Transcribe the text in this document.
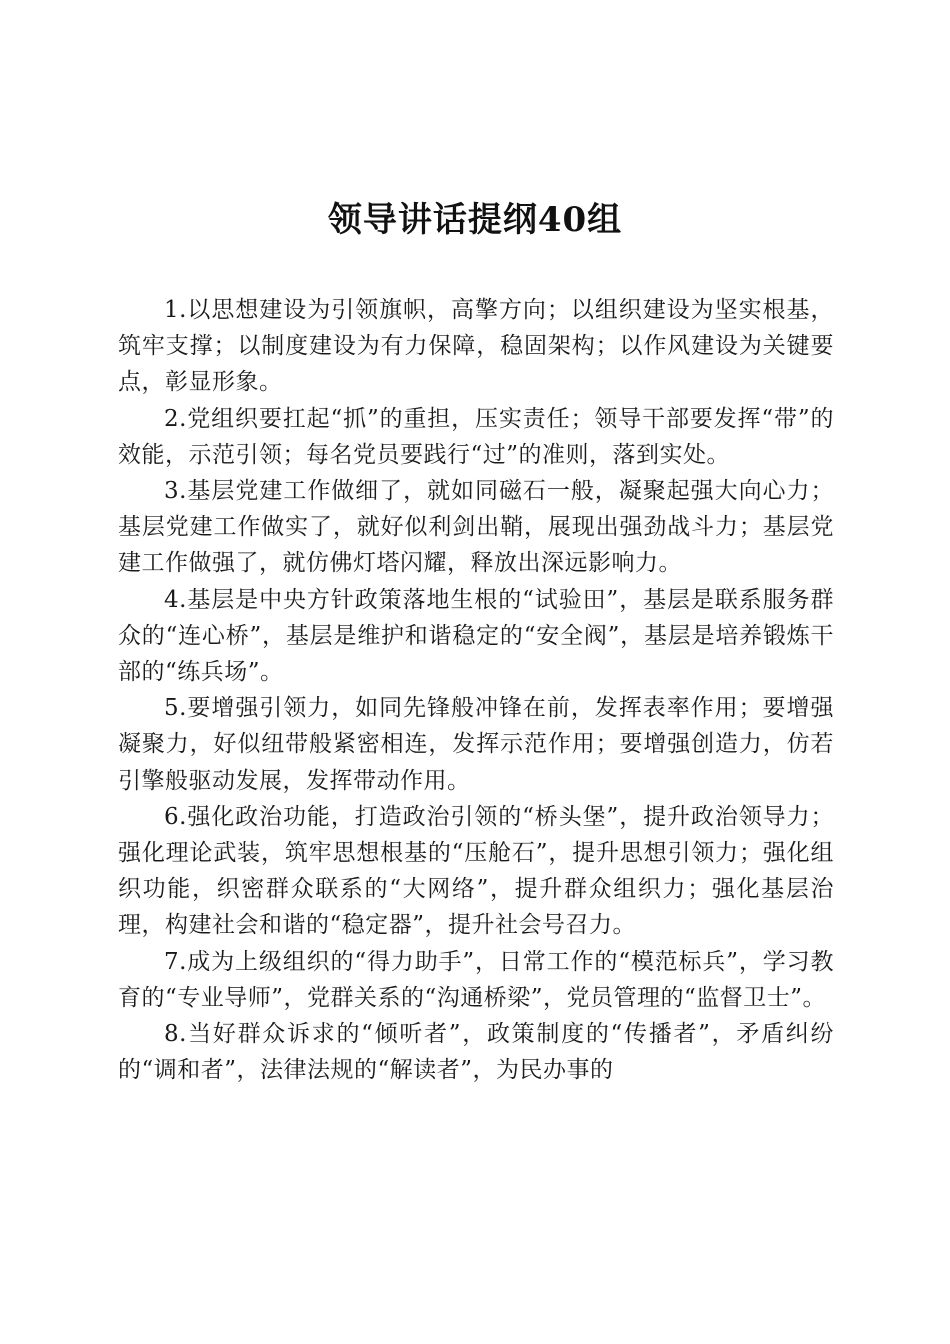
领导讲话提纲40组

1.以思想建设为引领旗帜，高擎方向；以组织建设为坚实根基，筑牢支撑；以制度建设为有力保障，稳固架构；以作风建设为关键要点，彰显形象。

2.党组织要扛起“抓”的重担，压实责任；领导干部要发挥“带”的效能，示范引领；每名党员要践行“过”的准则，落到实处。

3.基层党建工作做细了，就如同磁石一般，凝聚起强大向心力；基层党建工作做实了，就好似利剑出鞘，展现出强劲战斗力；基层党建工作做强了，就仿佛灯塔闪耀，释放出深远影响力。

4.基层是中央方针政策落地生根的“试验田”，基层是联系服务群众的“连心桥”，基层是维护和谐稳定的“安全阀”，基层是培养锻炼干部的“练兵场”。

5.要增强引领力，如同先锋般冲锋在前，发挥表率作用；要增强凝聚力，好似纽带般紧密相连，发挥示范作用；要增强创造力，仿若引擎般驱动发展，发挥带动作用。

6.强化政治功能，打造政治引领的“桥头堡”，提升政治领导力；强化理论武装，筑牢思想根基的“压舱石”，提升思想引领力；强化组织功能，织密群众联系的“大网络”，提升群众组织力；强化基层治理，构建社会和谐的“稳定器”，提升社会号召力。

7.成为上级组织的“得力助手”，日常工作的“模范标兵”，学习教育的“专业导师”，党群关系的“沟通桥梁”，党员管理的“监督卫士”。

8.当好群众诉求的“倾听者”，政策制度的“传播者”，矛盾纠纷的“调和者”，法律法规的“解读者”，为民办事的
